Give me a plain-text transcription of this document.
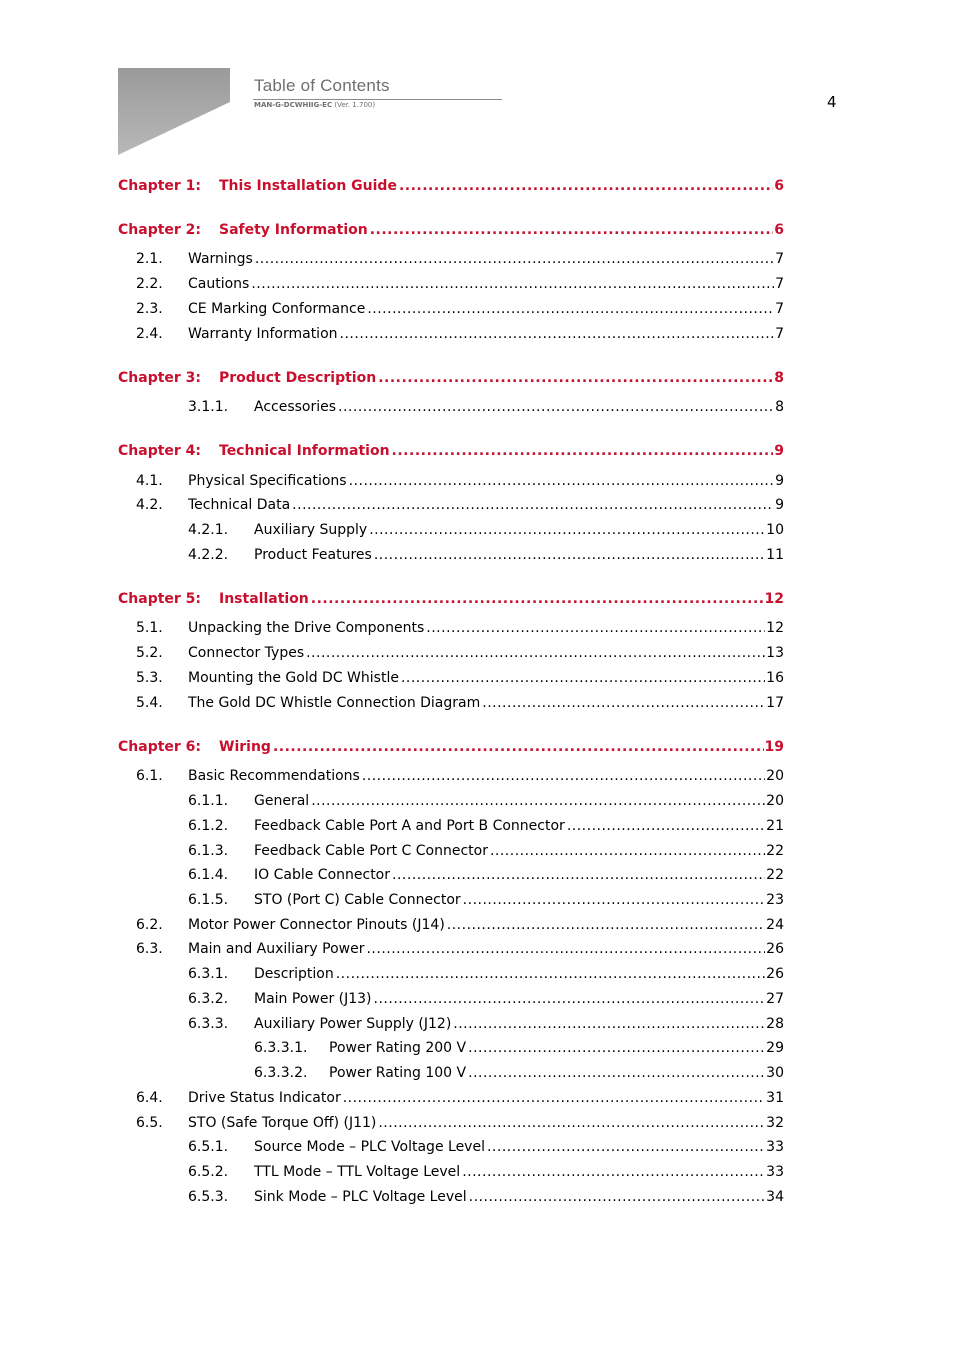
Table of Contents
MAN-G-DCWHIIG-EC (Ver. 1.700)	4
Chapter 1:	This Installation Guide .....	6
Chapter 2:	Safety Information .....	6
2.1.	Warnings .....	7
2.2.	Cautions .....	7
2.3.	CE Marking Conformance .....	7
2.4.	Warranty Information .....	7
Chapter 3:	Product Description .....	8
3.1.1.	Accessories .....	8
Chapter 4:	Technical Information .....	9
4.1.	Physical Specifications .....	9
4.2.	Technical Data .....	9
4.2.1.	Auxiliary Supply .....	10
4.2.2.	Product Features .....	11
Chapter 5:	Installation .....	12
5.1.	Unpacking the Drive Components .....	12
5.2.	Connector Types .....	13
5.3.	Mounting the Gold DC Whistle .....	16
5.4.	The Gold DC Whistle Connection Diagram .....	17
Chapter 6:	Wiring .....	19
6.1.	Basic Recommendations .....	20
6.1.1.	General .....	20
6.1.2.	Feedback Cable Port A and Port B Connector .....	21
6.1.3.	Feedback Cable Port C Connector .....	22
6.1.4.	IO Cable Connector .....	22
6.1.5.	STO (Port C) Cable Connector .....	23
6.2.	Motor Power Connector Pinouts (J14) .....	24
6.3.	Main and Auxiliary Power .....	26
6.3.1.	Description .....	26
6.3.2.	Main Power (J13) .....	27
6.3.3.	Auxiliary Power Supply (J12) .....	28
6.3.3.1.	Power Rating 200 V .....	29
6.3.3.2.	Power Rating 100 V .....	30
6.4.	Drive Status Indicator .....	31
6.5.	STO (Safe Torque Off) (J11) .....	32
6.5.1.	Source Mode – PLC Voltage Level .....	33
6.5.2.	TTL Mode – TTL Voltage Level .....	33
6.5.3.	Sink Mode – PLC Voltage Level .....	34
